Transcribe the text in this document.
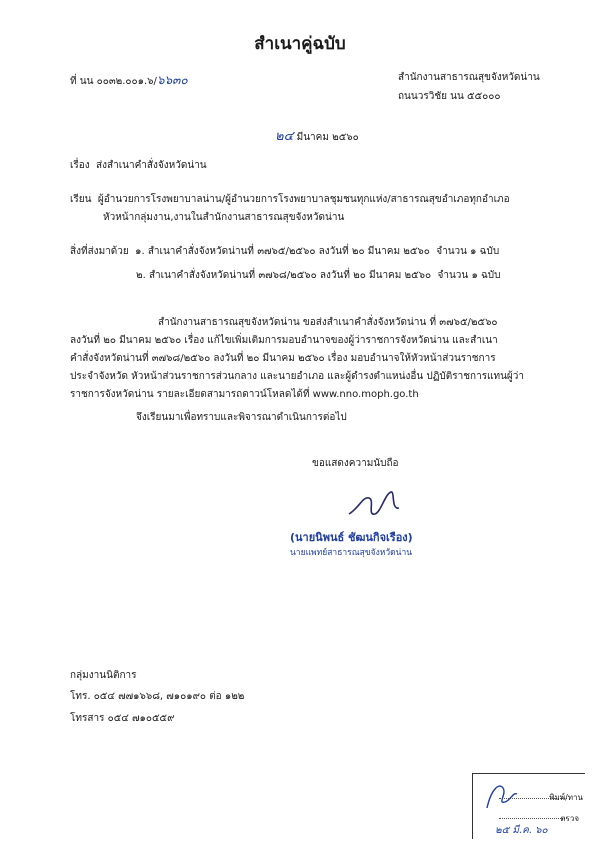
สำเนาคู่ฉบับ
ที่ นน ๐๐๓๒.๐๐๑.๖/๖๖๓๐	สำนักงานสาธารณสุขจังหวัดน่าน
ถนนวรวิชัย นน ๕๕๐๐๐
๒๔ มีนาคม ๒๕๖๐
เรื่อง ส่งสำเนาคำสั่งจังหวัดน่าน
เรียน ผู้อำนวยการโรงพยาบาลน่าน/ผู้อำนวยการโรงพยาบาลชุมชนทุกแห่ง/สาธารณสุขอำเภอทุกอำเภอ
หัวหน้ากลุ่มงาน,งานในสำนักงานสาธารณสุขจังหวัดน่าน
สิ่งที่ส่งมาด้วย ๑. สำเนาคำสั่งจังหวัดน่านที่ ๓๗๖๕/๒๕๖๐ ลงวันที่ ๒๐ มีนาคม ๒๕๖๐ จำนวน ๑ ฉบับ
๒. สำเนาคำสั่งจังหวัดน่านที่ ๓๗๖๘/๒๕๖๐ ลงวันที่ ๒๐ มีนาคม ๒๕๖๐ จำนวน ๑ ฉบับ
สำนักงานสาธารณสุขจังหวัดน่าน ขอส่งสำเนาคำสั่งจังหวัดน่าน ที่ ๓๗๖๕/๒๕๖๐
ลงวันที่ ๒๐ มีนาคม ๒๕๖๐ เรื่อง แก้ไขเพิ่มเติมการมอบอำนาจของผู้ว่าราชการจังหวัดน่าน และสำเนา
คำสั่งจังหวัดน่านที่ ๓๗๖๘/๒๕๖๐ ลงวันที่ ๒๐ มีนาคม ๒๕๖๐ เรื่อง มอบอำนาจให้หัวหน้าส่วนราชการ
ประจำจังหวัด หัวหน้าส่วนราชการส่วนกลาง และนายอำเภอ และผู้ดำรงตำแหน่งอื่น ปฏิบัติราชการแทนผู้ว่า
ราชการจังหวัดน่าน รายละเอียดสามารถดาวน์โหลดได้ที่ www.nno.moph.go.th
จึงเรียนมาเพื่อทราบและพิจารณาดำเนินการต่อไป
ขอแสดงความนับถือ
(นายนิพนธ์ ชัฒนกิจเรือง)
นายแพทย์สาธารณสุขจังหวัดน่าน
กลุ่มงานนิติการ
โทร. ๐๕๔ ๗๗๑๖๖๘, ๗๑๐๑๙๐ ต่อ ๑๒๒
โทรสาร ๐๕๔ ๗๑๐๕๕๙
พิมพ์/ทาน
ตรวจ
๒๕ มี.ค. ๖๐
